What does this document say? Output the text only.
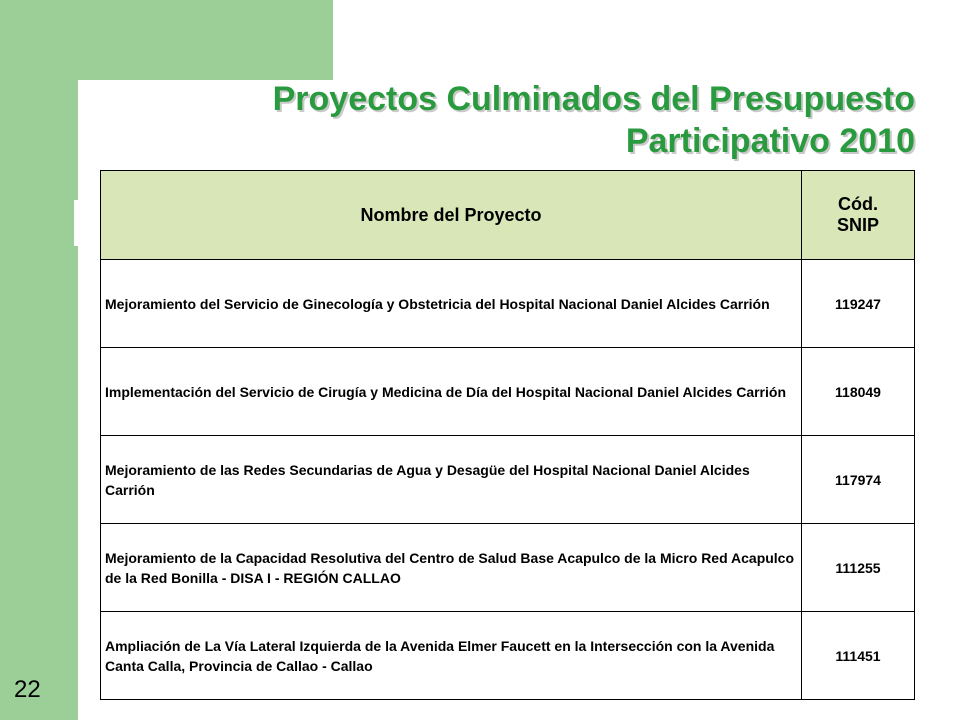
Proyectos Culminados del Presupuesto
Participativo 2010
Nombre del Proyecto	Cód.
SNIP

Mejoramiento del Servicio de Ginecología y Obstetricia del Hospital Nacional Daniel Alcides Carrión	119247
Implementación del Servicio de Cirugía y Medicina de Día del Hospital Nacional Daniel Alcides Carrión	118049
Mejoramiento de las Redes Secundarias de Agua y Desagüe del Hospital Nacional Daniel Alcides Carrión	117974
Mejoramiento de la Capacidad Resolutiva del Centro de Salud Base Acapulco de la Micro Red Acapulco de la Red Bonilla - DISA I - REGIÓN CALLAO	111255
Ampliación de La Vía Lateral Izquierda de la Avenida Elmer Faucett en la Intersección con la Avenida Canta Calla, Provincia de Callao - Callao	111451
22
